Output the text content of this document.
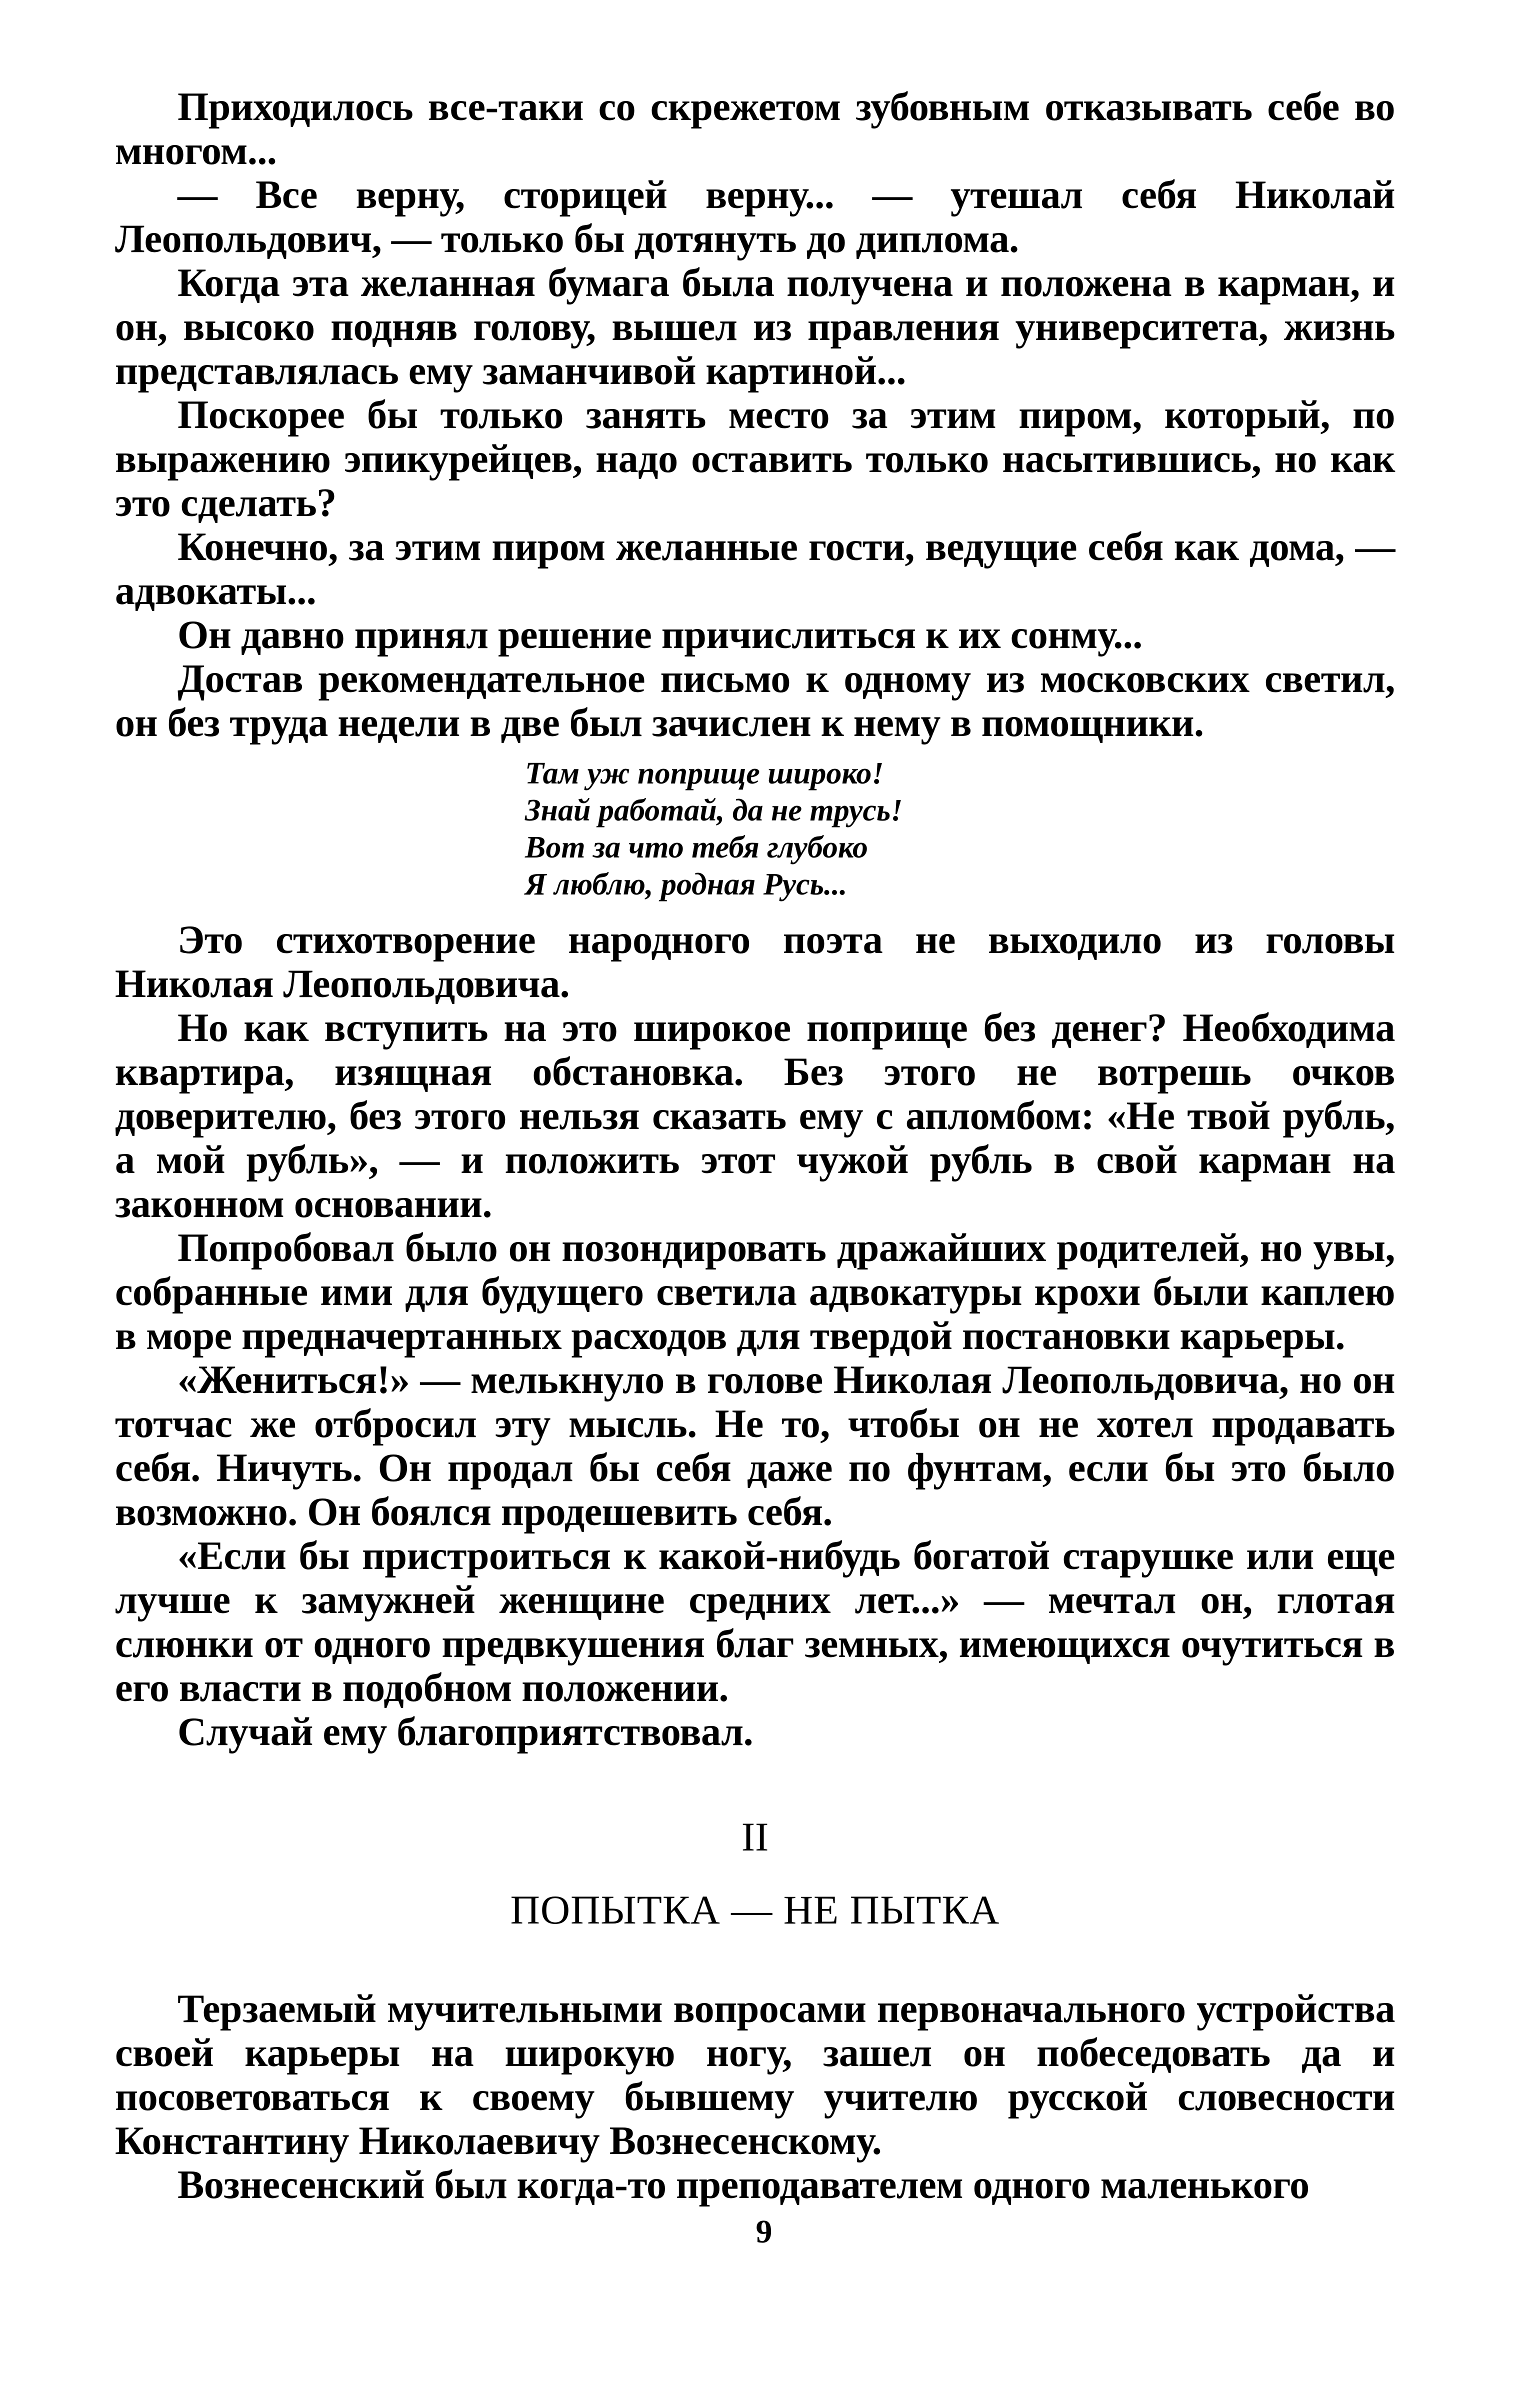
Приходилось все-таки со скрежетом зубовным отказывать себе во многом...

— Все верну, сторицей верну... — утешал себя Николай Леопольдович, — только бы дотянуть до диплома.

Когда эта желанная бумага была получена и положена в карман, и он, высоко подняв голову, вышел из правления университета, жизнь представлялась ему заманчивой картиной...

Поскорее бы только занять место за этим пиром, который, по выражению эпикурейцев, надо оставить только насытившись, но как это сделать?

Конечно, за этим пиром желанные гости, ведущие себя как дома, — адвокаты...

Он давно принял решение причислиться к их сонму...

Достав рекомендательное письмо к одному из московских светил, он без труда недели в две был зачислен к нему в помощники.

Там уж поприще широко!
Знай работай, да не трусь!
Вот за что тебя глубоко
Я люблю, родная Русь...

Это стихотворение народного поэта не выходило из головы Николая Леопольдовича.

Но как вступить на это широкое поприще без денег? Необходима квартира, изящная обстановка. Без этого не вотрешь очков доверителю, без этого нельзя сказать ему с апломбом: «Не твой рубль, а мой рубль», — и положить этот чужой рубль в свой карман на законном основании.

Попробовал было он позондировать дражайших родителей, но увы, собранные ими для будущего светила адвокатуры крохи были каплею в море предначертанных расходов для твердой постановки карьеры.

«Жениться!» — мелькнуло в голове Николая Леопольдовича, но он тотчас же отбросил эту мысль. Не то, чтобы он не хотел продавать себя. Ничуть. Он продал бы себя даже по фунтам, если бы это было возможно. Он боялся продешевить себя.

«Если бы пристроиться к какой-нибудь богатой старушке или еще лучше к замужней женщине средних лет...» — мечтал он, глотая слюнки от одного предвкушения благ земных, имеющихся очутиться в его власти в подобном положении.

Случай ему благоприятствовал.

II
ПОПЫТКА — НЕ ПЫТКА

Терзаемый мучительными вопросами первоначального устройства своей карьеры на широкую ногу, зашел он побеседовать да и посоветоваться к своему бывшему учителю русской словесности Константину Николаевичу Вознесенскому.

Вознесенский был когда-то преподавателем одного маленького

9
